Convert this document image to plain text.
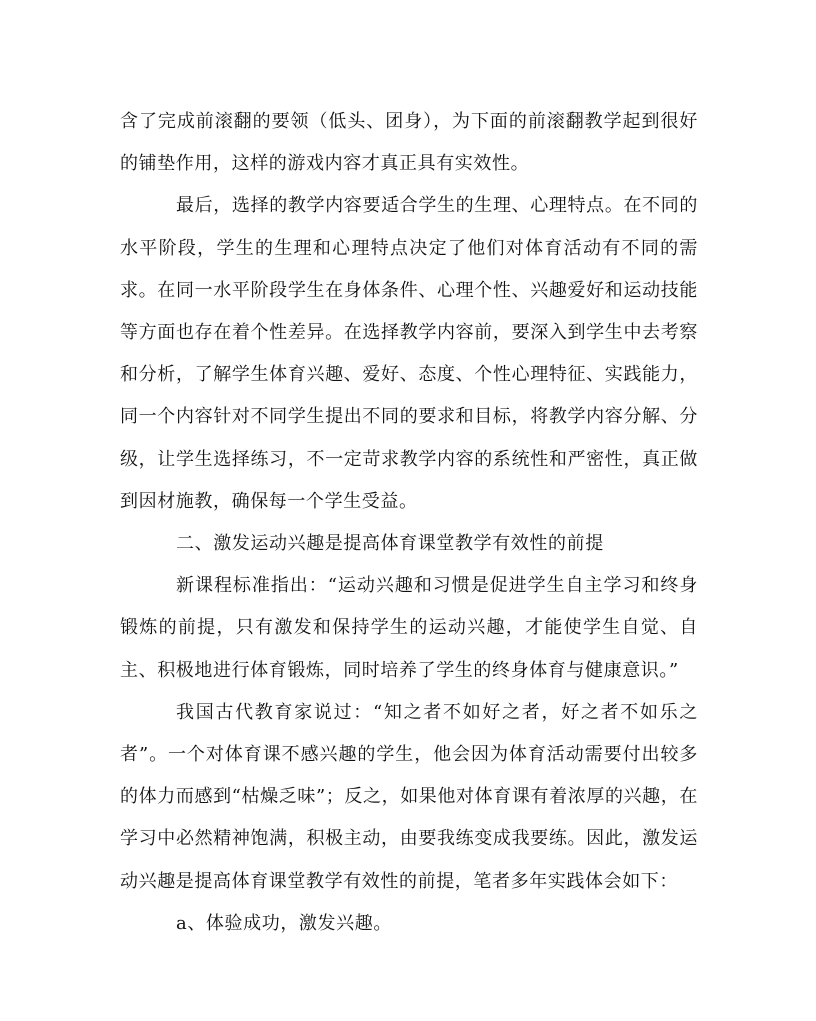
含了完成前滚翻的要领（低头、团身），为下面的前滚翻教学起到很好的铺垫作用，这样的游戏内容才真正具有实效性。

最后，选择的教学内容要适合学生的生理、心理特点。在不同的水平阶段，学生的生理和心理特点决定了他们对体育活动有不同的需求。在同一水平阶段学生在身体条件、心理个性、兴趣爱好和运动技能等方面也存在着个性差异。在选择教学内容前，要深入到学生中去考察和分析，了解学生体育兴趣、爱好、态度、个性心理特征、实践能力，同一个内容针对不同学生提出不同的要求和目标，将教学内容分解、分级，让学生选择练习，不一定苛求教学内容的系统性和严密性，真正做到因材施教，确保每一个学生受益。

二、激发运动兴趣是提高体育课堂教学有效性的前提

新课程标准指出：“运动兴趣和习惯是促进学生自主学习和终身锻炼的前提，只有激发和保持学生的运动兴趣，才能使学生自觉、自主、积极地进行体育锻炼，同时培养了学生的终身体育与健康意识。”

我国古代教育家说过：“知之者不如好之者，好之者不如乐之者”。一个对体育课不感兴趣的学生，他会因为体育活动需要付出较多的体力而感到“枯燥乏味”；反之，如果他对体育课有着浓厚的兴趣，在学习中必然精神饱满，积极主动，由要我练变成我要练。因此，激发运动兴趣是提高体育课堂教学有效性的前提，笔者多年实践体会如下：

a、体验成功，激发兴趣。
